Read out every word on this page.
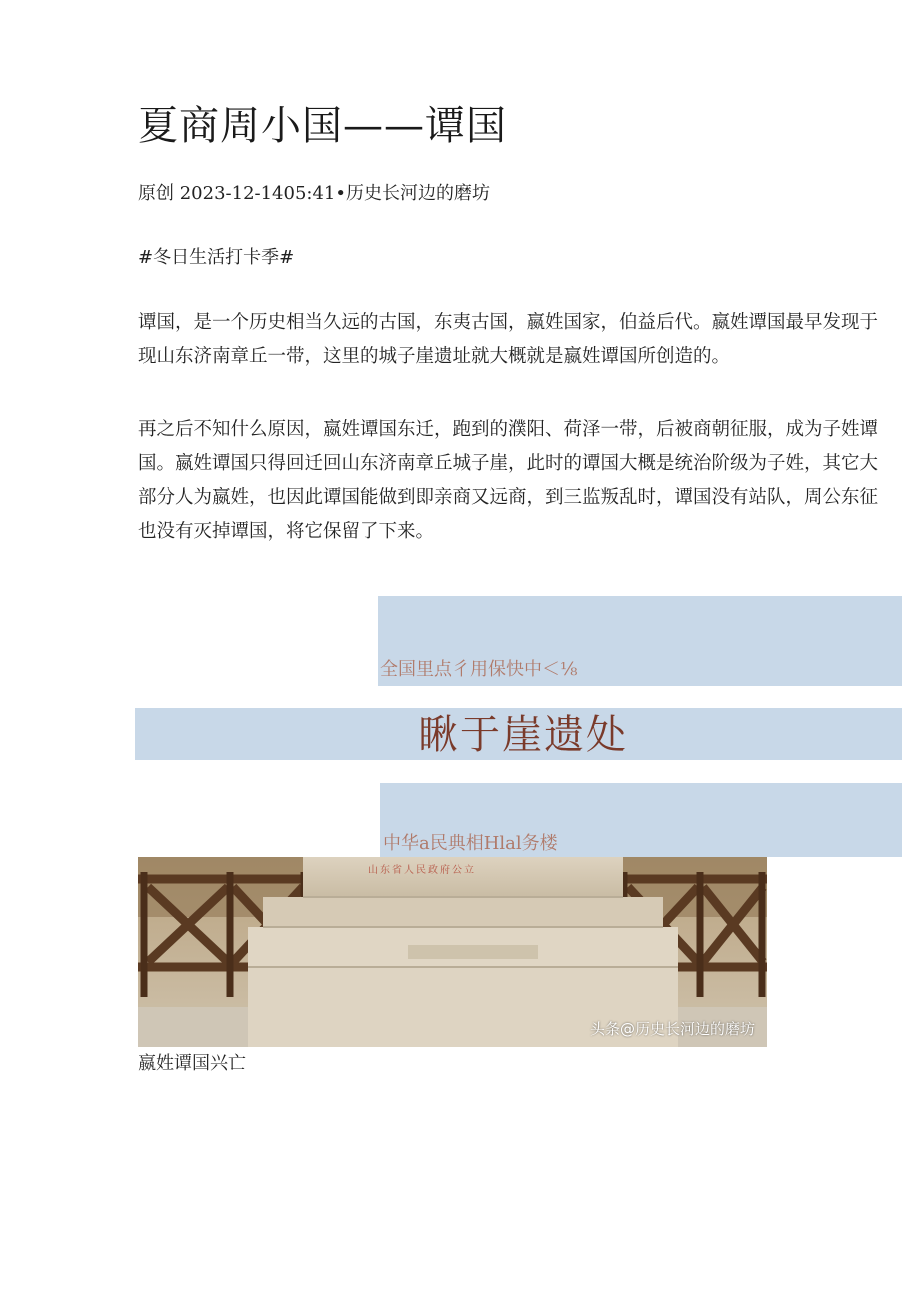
夏商周小国——谭国
原创 2023-12-1405:41•历史长河边的磨坊
#冬日生活打卡季#

谭国，是一个历史相当久远的古国，东夷古国，嬴姓国家，伯益后代。嬴姓谭国最早发现于现山东济南章丘一带，这里的城子崖遗址就大概就是嬴姓谭国所创造的。

再之后不知什么原因，嬴姓谭国东迁，跑到的濮阳、荷泽一带，后被商朝征服，成为子姓谭国。嬴姓谭国只得回迁回山东济南章丘城子崖，此时的谭国大概是统治阶级为子姓，其它大部分人为嬴姓，也因此谭国能做到即亲商又远商，到三监叛乱时，谭国没有站队，周公东征也没有灭掉谭国，将它保留了下来。

全国里点彳用保快中＜⅛
瞅于崖遗处
中华a民典相Hlal务楼
山东省人民政府公立
头条@历史长河边的磨坊
嬴姓谭国兴亡
